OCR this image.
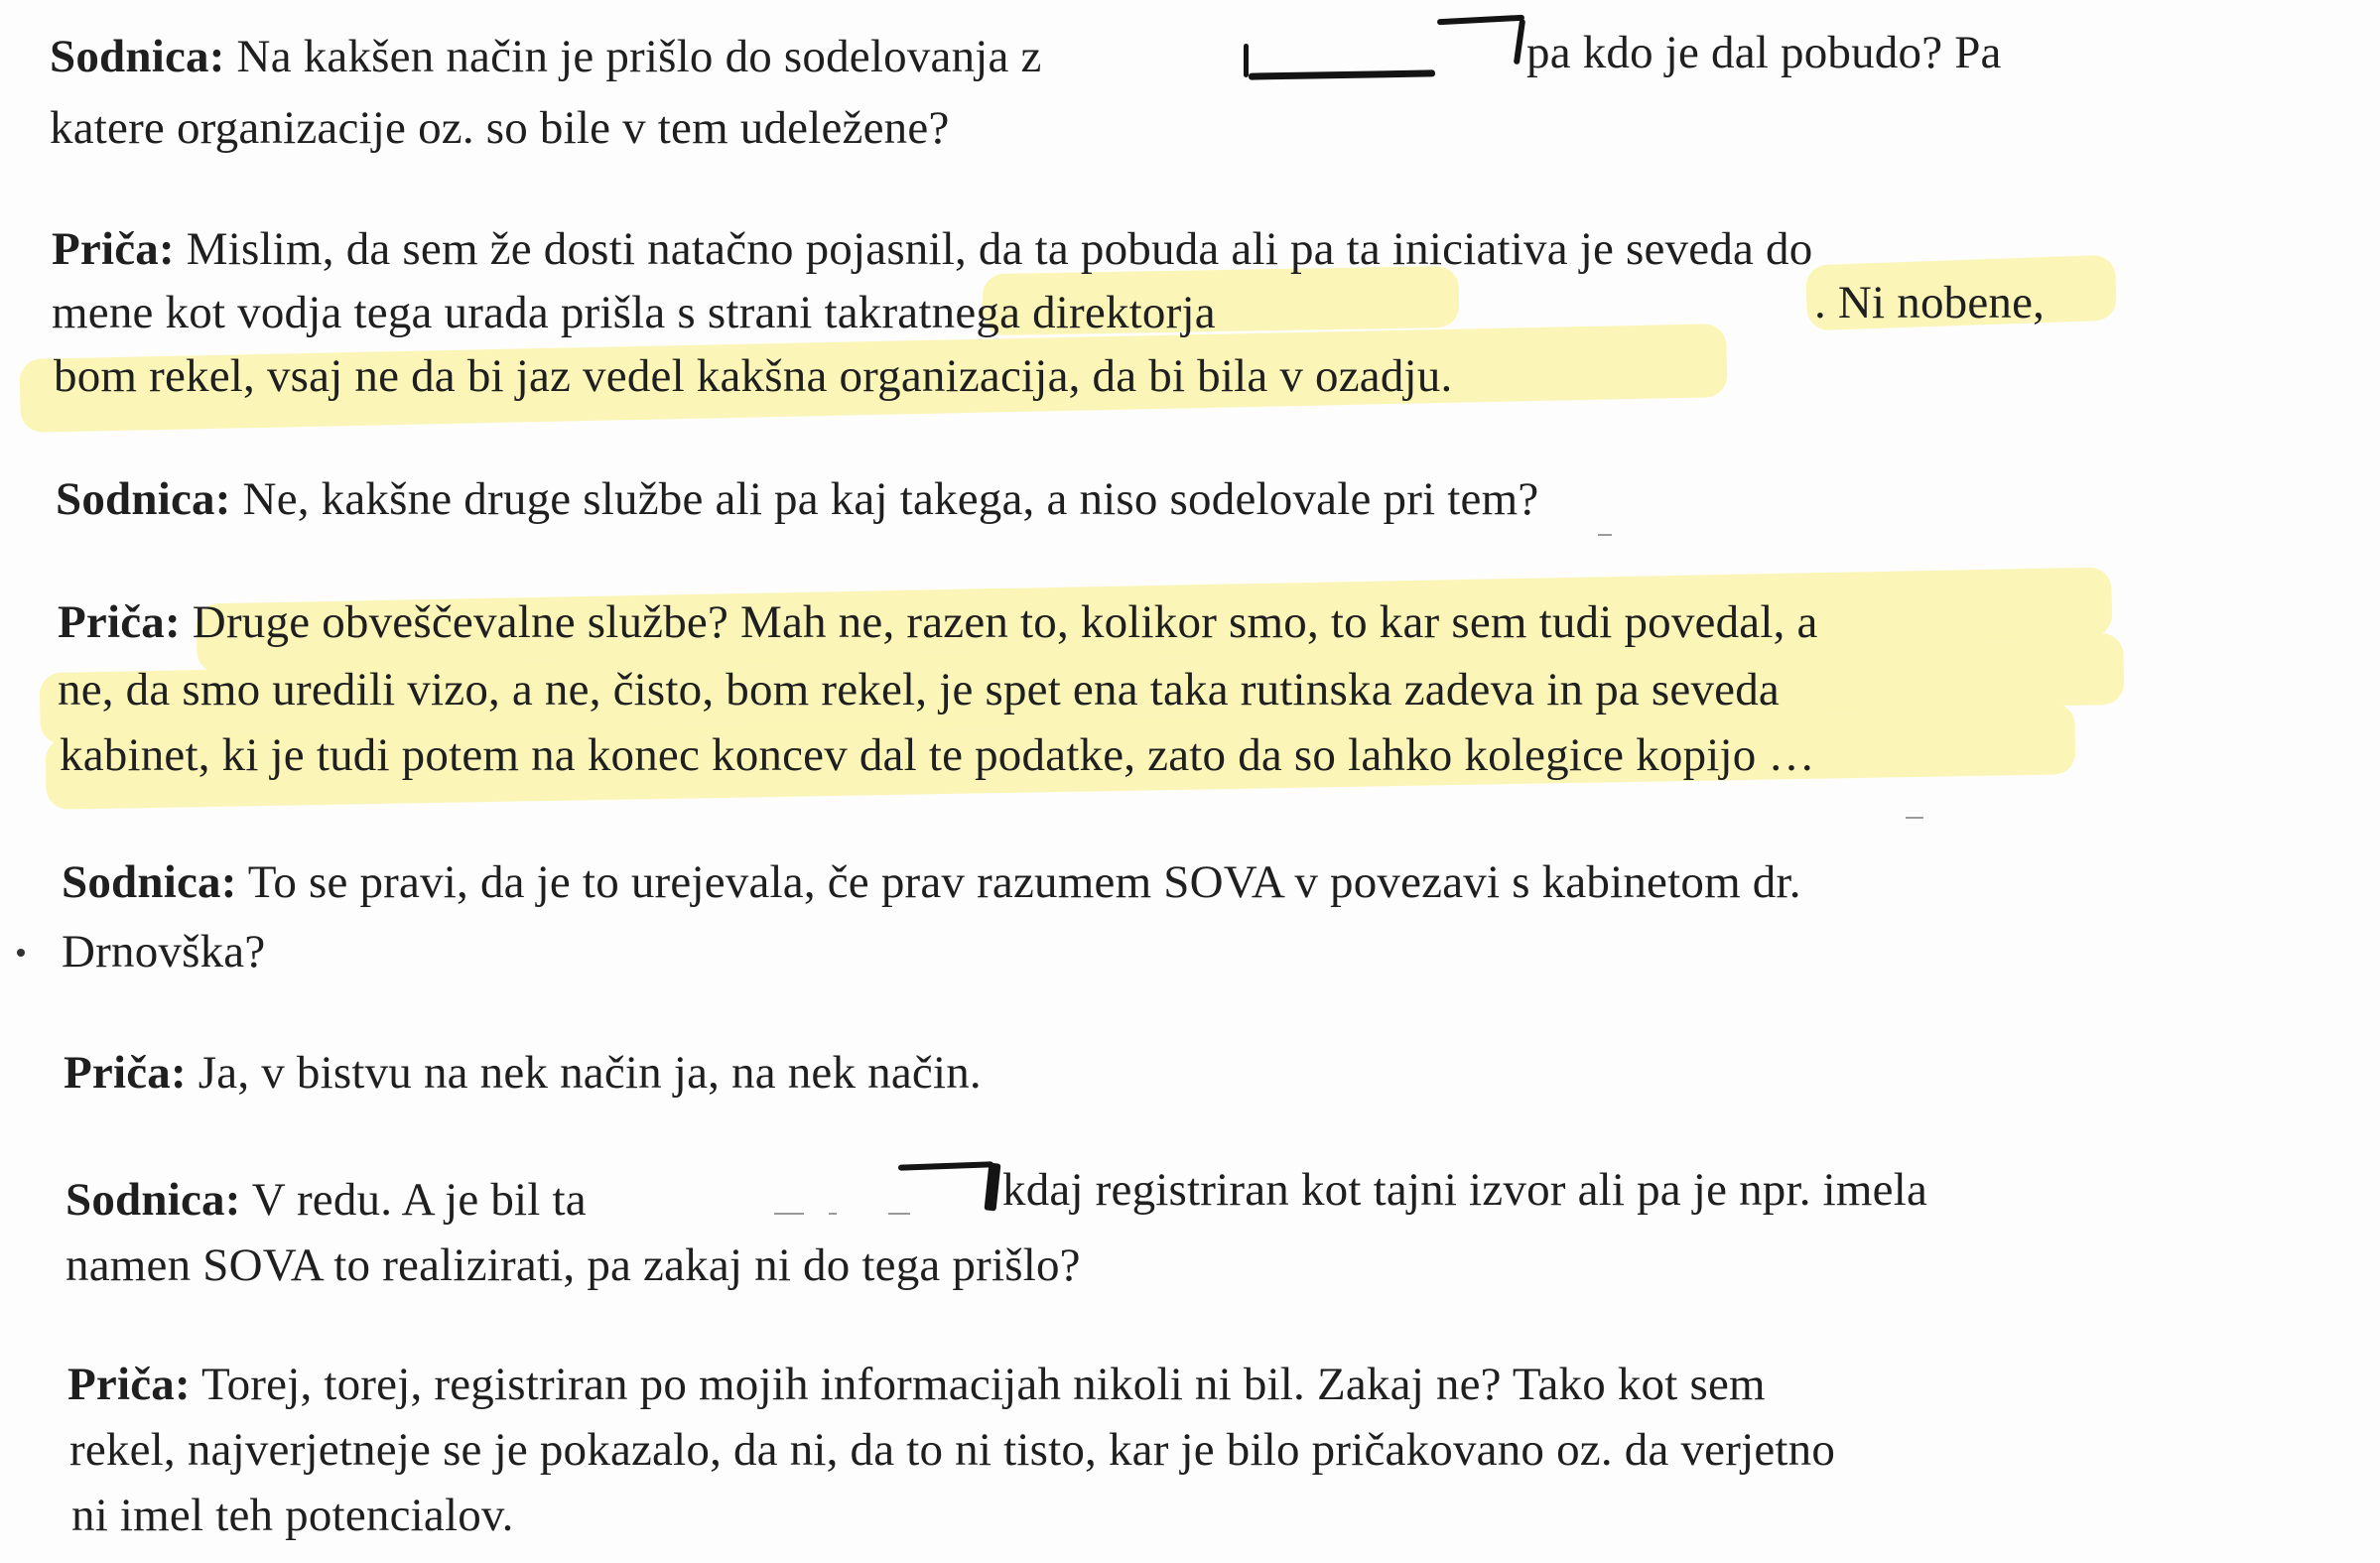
Sodnica: Na kakšen način je prišlo do sodelovanja z	pa kdo je dal pobudo? Pa
katere organizacije oz. so bile v tem udeležene?
Priča: Mislim, da sem že dosti natačno pojasnil, da ta pobuda ali pa ta iniciativa je seveda do
mene kot vodja tega urada prišla s strani takratnega direktorja	. Ni nobene,
bom rekel, vsaj ne da bi jaz vedel kakšna organizacija, da bi bila v ozadju.
Sodnica: Ne, kakšne druge službe ali pa kaj takega, a niso sodelovale pri tem?
Priča: Druge obveščevalne službe? Mah ne, razen to, kolikor smo, to kar sem tudi povedal, a
ne, da smo uredili vizo, a ne, čisto, bom rekel, je spet ena taka rutinska zadeva in pa seveda
kabinet, ki je tudi potem na konec koncev dal te podatke, zato da so lahko kolegice kopijo …
Sodnica: To se pravi, da je to urejevala, če prav razumem SOVA v povezavi s kabinetom dr.
Drnovška?
Priča: Ja, v bistvu na nek način ja, na nek način.
Sodnica: V redu. A je bil ta	kdaj registriran kot tajni izvor ali pa je npr. imela
namen SOVA to realizirati, pa zakaj ni do tega prišlo?
Priča: Torej, torej, registriran po mojih informacijah nikoli ni bil. Zakaj ne? Tako kot sem
rekel, najverjetneje se je pokazalo, da ni, da to ni tisto, kar je bilo pričakovano oz. da verjetno
ni imel teh potencialov.
